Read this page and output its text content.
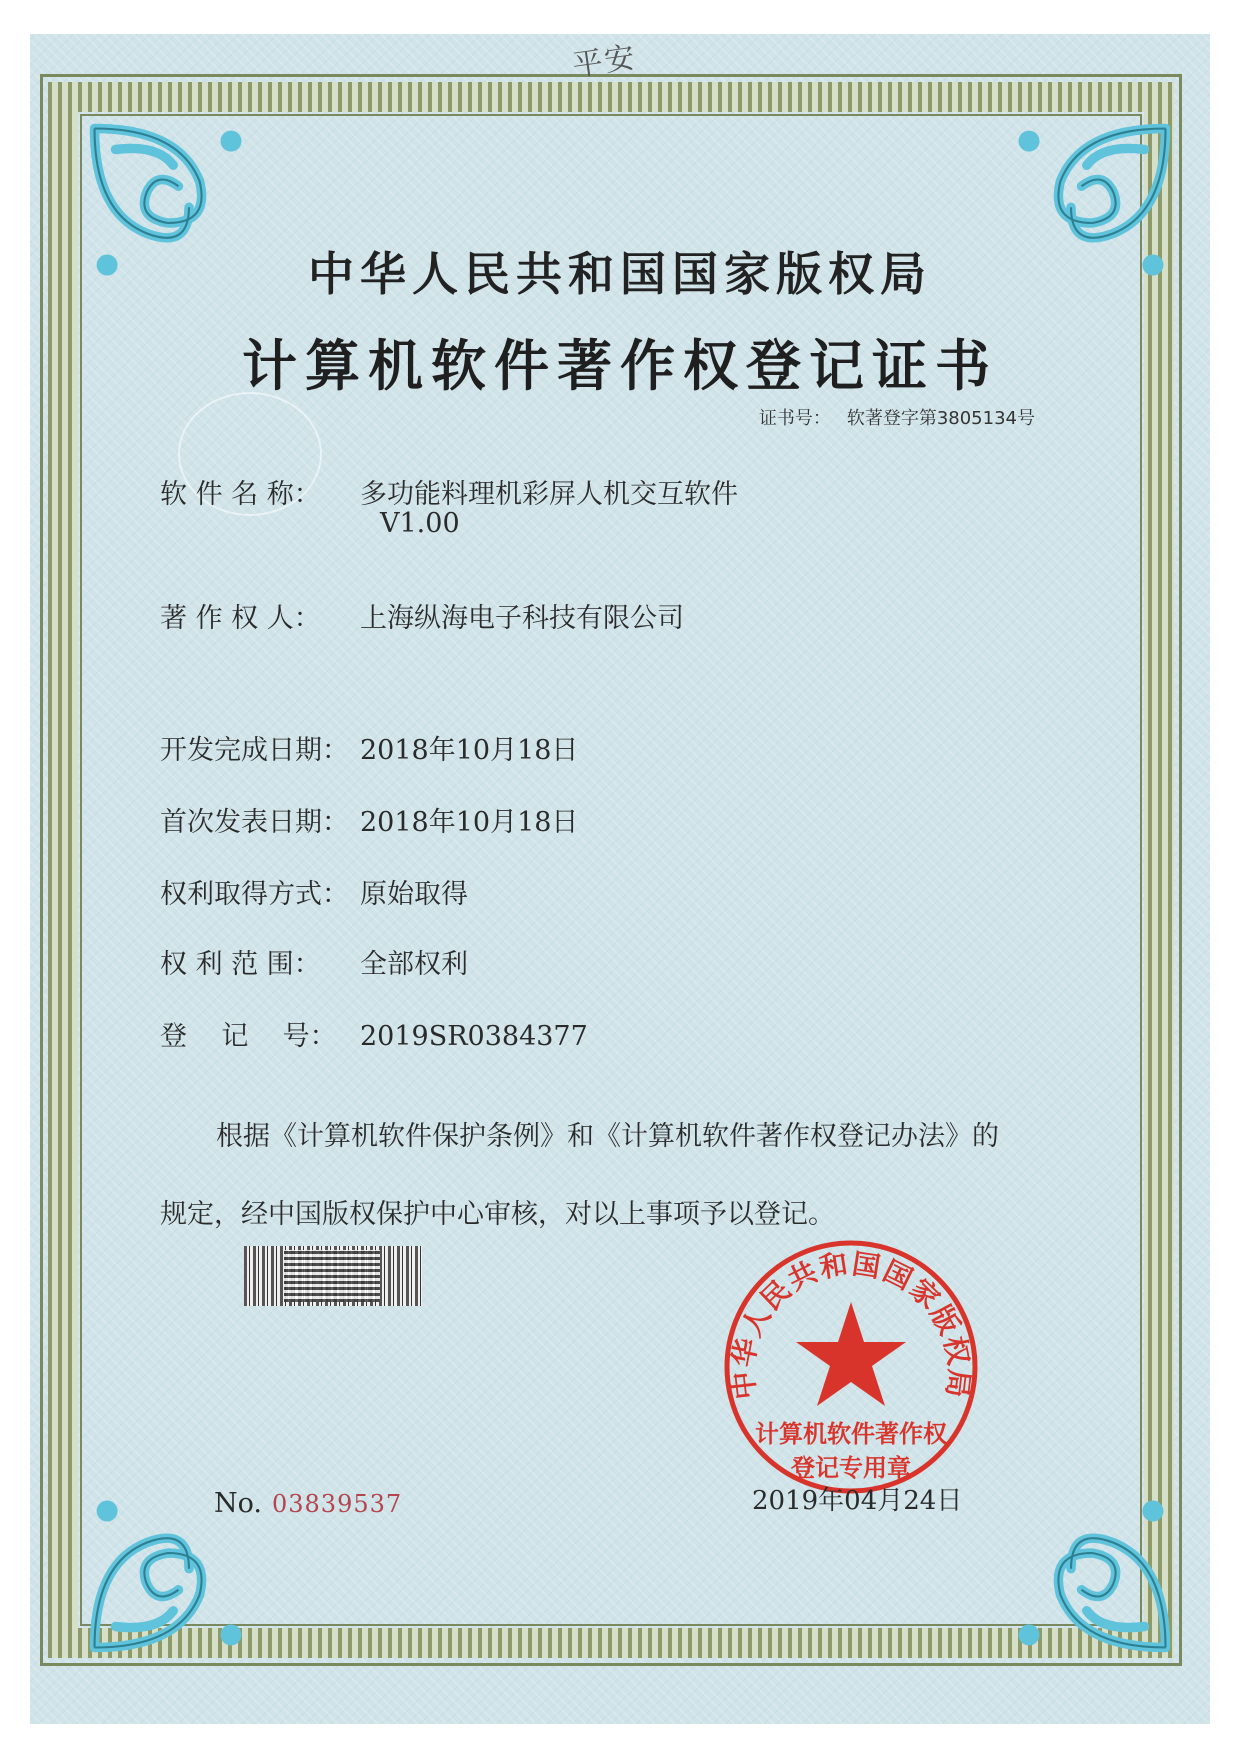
平安
中华人民共和国国家版权局
计算机软件著作权登记证书
证书号： 软著登字第3805134号
软 件 名 称： 多功能料理机彩屏人机交互软件
V1.00
著 作 权 人： 上海纵海电子科技有限公司
开发完成日期： 2018年10月18日
首次发表日期： 2018年10月18日
权利取得方式： 原始取得
权 利 范 围： 全部权利
登    记    号： 2019SR0384377

根据《计算机软件保护条例》和《计算机软件著作权登记办法》的

规定，经中国版权保护中心审核，对以上事项予以登记。

计算机软件著作权
登记专用章
中华人民共和国国家版权局
No. 03839537	2019年04月24日
